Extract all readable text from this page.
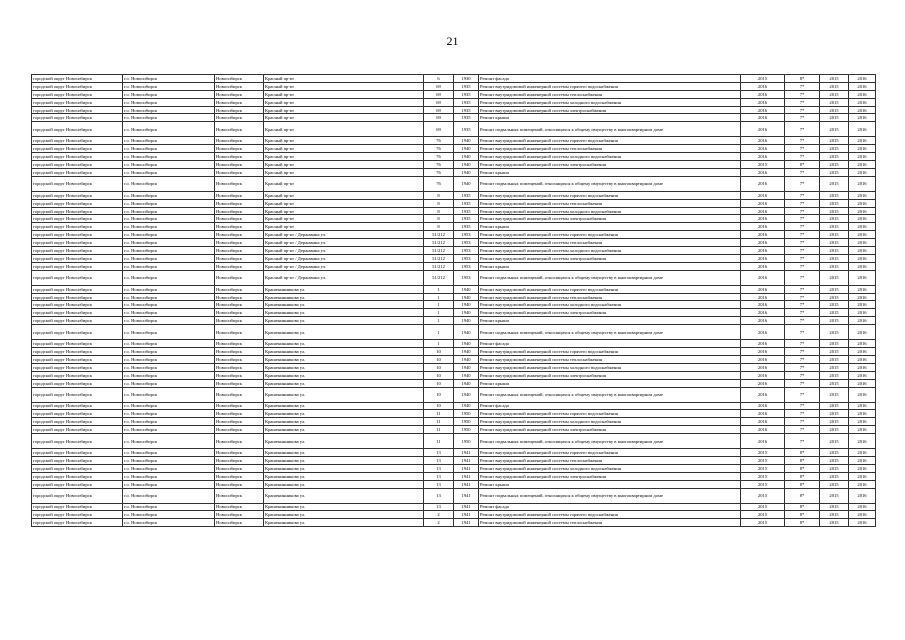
21
городской округ Новосибирск	г.о. Новосибирск	Новосибирск	Красный пр-кт	6	1930	Ремонт фасада	2015	8*	2015	2016
городской округ Новосибирск	г.о. Новосибирск	Новосибирск	Красный пр-кт	69	1935	Ремонт внутридомовой инженерной системы горячего водоснабжения	2016	7*	2015	2016
городской округ Новосибирск	г.о. Новосибирск	Новосибирск	Красный пр-кт	69	1935	Ремонт внутридомовой инженерной системы теплоснабжения	2016	7*	2015	2016
городской округ Новосибирск	г.о. Новосибирск	Новосибирск	Красный пр-кт	69	1935	Ремонт внутридомовой инженерной системы холодного водоснабжения	2016	7*	2015	2016
городской округ Новосибирск	г.о. Новосибирск	Новосибирск	Красный пр-кт	69	1935	Ремонт внутридомовой инженерной системы электроснабжения	2016	7*	2015	2016
городской округ Новосибирск	г.о. Новосибирск	Новосибирск	Красный пр-кт	69	1935	Ремонт крыши	2016	7*	2015	2016
городской округ Новосибирск	г.о. Новосибирск	Новосибирск	Красный пр-кт	69	1935	Ремонт подвальных помещений, относящихся к общему имуществу в многоквартирном доме	2016	7*	2015	2016
городской округ Новосибирск	г.о. Новосибирск	Новосибирск	Красный пр-кт	76	1940	Ремонт внутридомовой инженерной системы горячего водоснабжения	2016	7*	2015	2016
городской округ Новосибирск	г.о. Новосибирск	Новосибирск	Красный пр-кт	76	1940	Ремонт внутридомовой инженерной системы теплоснабжения	2016	7*	2015	2016
городской округ Новосибирск	г.о. Новосибирск	Новосибирск	Красный пр-кт	76	1940	Ремонт внутридомовой инженерной системы холодного водоснабжения	2016	7*	2015	2016
городской округ Новосибирск	г.о. Новосибирск	Новосибирск	Красный пр-кт	76	1940	Ремонт внутридомовой инженерной системы электроснабжения	2015	8*	2015	2016
городской округ Новосибирск	г.о. Новосибирск	Новосибирск	Красный пр-кт	76	1940	Ремонт крыши	2016	7*	2015	2016
городской округ Новосибирск	г.о. Новосибирск	Новосибирск	Красный пр-кт	76	1940	Ремонт подвальных помещений, относящихся к общему имуществу в многоквартирном доме	2016	7*	2015	2016
городской округ Новосибирск	г.о. Новосибирск	Новосибирск	Красный пр-кт	8	1935	Ремонт внутридомовой инженерной системы горячего водоснабжения	2016	7*	2015	2016
городской округ Новосибирск	г.о. Новосибирск	Новосибирск	Красный пр-кт	8	1935	Ремонт внутридомовой инженерной системы теплоснабжения	2016	7*	2015	2016
городской округ Новосибирск	г.о. Новосибирск	Новосибирск	Красный пр-кт	8	1935	Ремонт внутридомовой инженерной системы холодного водоснабжения	2016	7*	2015	2016
городской округ Новосибирск	г.о. Новосибирск	Новосибирск	Красный пр-кт	8	1935	Ремонт внутридомовой инженерной системы электроснабжения	2016	7*	2015	2016
городской округ Новосибирск	г.о. Новосибирск	Новосибирск	Красный пр-кт	8	1935	Ремонт крыши	2016	7*	2015	2016
городской округ Новосибирск	г.о. Новосибирск	Новосибирск	Красный пр-кт / Державина ул.	51/212	1953	Ремонт внутридомовой инженерной системы горячего водоснабжения	2016	7*	2015	2016
городской округ Новосибирск	г.о. Новосибирск	Новосибирск	Красный пр-кт / Державина ул.	51/212	1953	Ремонт внутридомовой инженерной системы теплоснабжения	2016	7*	2015	2016
городской округ Новосибирск	г.о. Новосибирск	Новосибирск	Красный пр-кт / Державина ул.	51/212	1953	Ремонт внутридомовой инженерной системы холодного водоснабжения	2016	7*	2015	2016
городской округ Новосибирск	г.о. Новосибирск	Новосибирск	Красный пр-кт / Державина ул.	51/212	1953	Ремонт внутридомовой инженерной системы электроснабжения	2016	7*	2015	2016
городской округ Новосибирск	г.о. Новосибирск	Новосибирск	Красный пр-кт / Державина ул.	51/212	1953	Ремонт крыши	2016	7*	2015	2016
городской округ Новосибирск	г.о. Новосибирск	Новосибирск	Красный пр-кт / Державина ул.	51/212	1953	Ремонт подвальных помещений, относящихся к общему имуществу в многоквартирном доме	2016	7*	2015	2016
городской округ Новосибирск	г.о. Новосибирск	Новосибирск	Крашенинникова ул.	1	1940	Ремонт внутридомовой инженерной системы горячего водоснабжения	2016	7*	2015	2016
городской округ Новосибирск	г.о. Новосибирск	Новосибирск	Крашенинникова ул.	1	1940	Ремонт внутридомовой инженерной системы теплоснабжения	2016	7*	2015	2016
городской округ Новосибирск	г.о. Новосибирск	Новосибирск	Крашенинникова ул.	1	1940	Ремонт внутридомовой инженерной системы холодного водоснабжения	2016	7*	2015	2016
городской округ Новосибирск	г.о. Новосибирск	Новосибирск	Крашенинникова ул.	1	1940	Ремонт внутридомовой инженерной системы электроснабжения	2016	7*	2015	2016
городской округ Новосибирск	г.о. Новосибирск	Новосибирск	Крашенинникова ул.	1	1940	Ремонт крыши	2016	7*	2015	2016
городской округ Новосибирск	г.о. Новосибирск	Новосибирск	Крашенинникова ул.	1	1940	Ремонт подвальных помещений, относящихся к общему имуществу в многоквартирном доме	2016	7*	2015	2016
городской округ Новосибирск	г.о. Новосибирск	Новосибирск	Крашенинникова ул.	1	1940	Ремонт фасада	2016	7*	2015	2016
городской округ Новосибирск	г.о. Новосибирск	Новосибирск	Крашенинникова ул.	10	1940	Ремонт внутридомовой инженерной системы горячего водоснабжения	2016	7*	2015	2016
городской округ Новосибирск	г.о. Новосибирск	Новосибирск	Крашенинникова ул.	10	1940	Ремонт внутридомовой инженерной системы теплоснабжения	2016	7*	2015	2016
городской округ Новосибирск	г.о. Новосибирск	Новосибирск	Крашенинникова ул.	10	1940	Ремонт внутридомовой инженерной системы холодного водоснабжения	2016	7*	2015	2016
городской округ Новосибирск	г.о. Новосибирск	Новосибирск	Крашенинникова ул.	10	1940	Ремонт внутридомовой инженерной системы электроснабжения	2016	7*	2015	2016
городской округ Новосибирск	г.о. Новосибирск	Новосибирск	Крашенинникова ул.	10	1940	Ремонт крыши	2016	7*	2015	2016
городской округ Новосибирск	г.о. Новосибирск	Новосибирск	Крашенинникова ул.	10	1940	Ремонт подвальных помещений, относящихся к общему имуществу в многоквартирном доме	2016	7*	2015	2016
городской округ Новосибирск	г.о. Новосибирск	Новосибирск	Крашенинникова ул.	10	1940	Ремонт фасада	2016	7*	2015	2016
городской округ Новосибирск	г.о. Новосибирск	Новосибирск	Крашенинникова ул.	11	1950	Ремонт внутридомовой инженерной системы горячего водоснабжения	2016	7*	2015	2016
городской округ Новосибирск	г.о. Новосибирск	Новосибирск	Крашенинникова ул.	11	1950	Ремонт внутридомовой инженерной системы холодного водоснабжения	2016	7*	2015	2016
городской округ Новосибирск	г.о. Новосибирск	Новосибирск	Крашенинникова ул.	11	1950	Ремонт внутридомовой инженерной системы электроснабжения	2016	7*	2015	2016
городской округ Новосибирск	г.о. Новосибирск	Новосибирск	Крашенинникова ул.	11	1950	Ремонт подвальных помещений, относящихся к общему имуществу в многоквартирном доме	2016	7*	2015	2016
городской округ Новосибирск	г.о. Новосибирск	Новосибирск	Крашенинникова ул.	13	1941	Ремонт внутридомовой инженерной системы горячего водоснабжения	2015	8*	2015	2016
городской округ Новосибирск	г.о. Новосибирск	Новосибирск	Крашенинникова ул.	13	1941	Ремонт внутридомовой инженерной системы теплоснабжения	2015	8*	2015	2016
городской округ Новосибирск	г.о. Новосибирск	Новосибирск	Крашенинникова ул.	13	1941	Ремонт внутридомовой инженерной системы холодного водоснабжения	2015	8*	2015	2016
городской округ Новосибирск	г.о. Новосибирск	Новосибирск	Крашенинникова ул.	13	1941	Ремонт внутридомовой инженерной системы электроснабжения	2015	8*	2015	2016
городской округ Новосибирск	г.о. Новосибирск	Новосибирск	Крашенинникова ул.	13	1941	Ремонт крыши	2015	8*	2015	2016
городской округ Новосибирск	г.о. Новосибирск	Новосибирск	Крашенинникова ул.	13	1941	Ремонт подвальных помещений, относящихся к общему имуществу в многоквартирном доме	2015	8*	2015	2016
городской округ Новосибирск	г.о. Новосибирск	Новосибирск	Крашенинникова ул.	13	1941	Ремонт фасада	2015	8*	2015	2016
городской округ Новосибирск	г.о. Новосибирск	Новосибирск	Крашенинникова ул.	2	1941	Ремонт внутридомовой инженерной системы горячего водоснабжения	2015	8*	2015	2016
городской округ Новосибирск	г.о. Новосибирск	Новосибирск	Крашенинникова ул.	2	1941	Ремонт внутридомовой инженерной системы теплоснабжения	2015	8*	2015	2016
